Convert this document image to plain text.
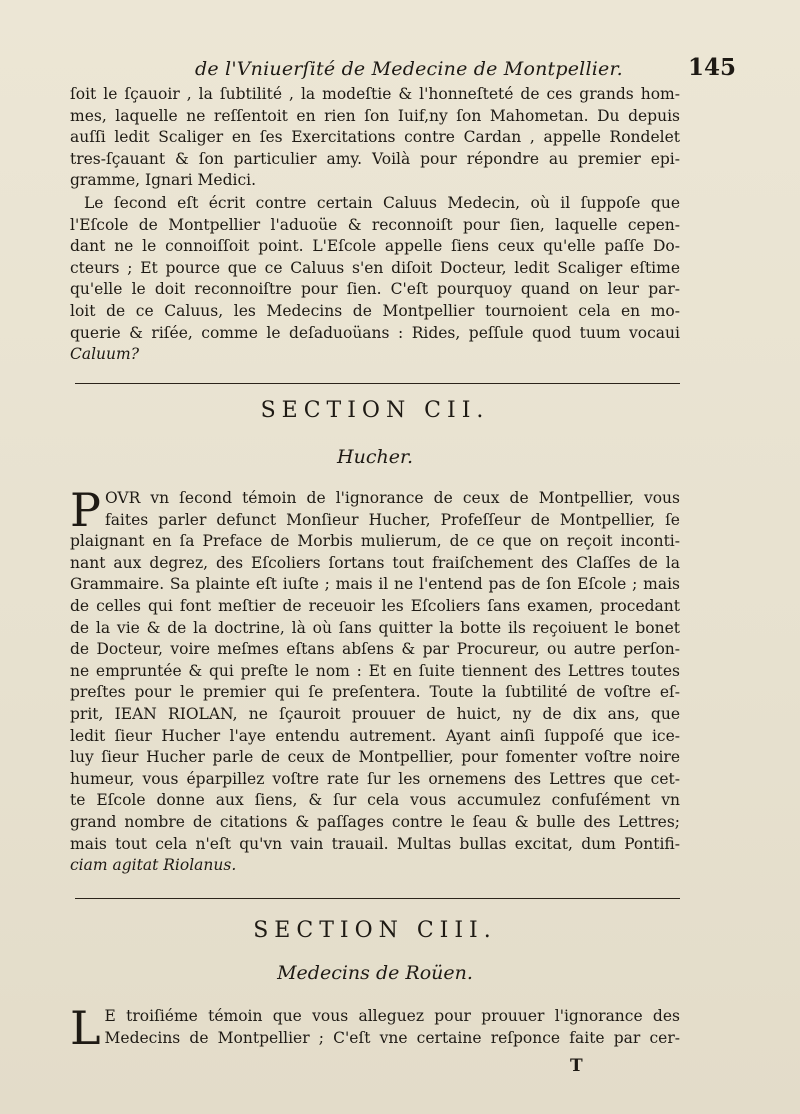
de l'Vniuerſité de Medecine de Montpellier.	145
ſoit le ſçauoir , la ſubtilité , la modeſtie & l'honneſteté de ces grands hom-
mes, laquelle ne reſſentoit en rien ſon Iuif,ny ſon Mahometan. Du depuis
auſſi ledit Scaliger en ſes Exercitations contre Cardan , appelle Rondelet
tres-ſçauant & ſon particulier amy. Voilà pour répondre au premier epi-
gramme, Ignari Medici.
Le ſecond eſt écrit contre certain Caluus Medecin, où il ſuppoſe que
l'Eſcole de Montpellier l'aduoüe & reconnoiſt pour ſien, laquelle cepen-
dant ne le connoiſſoit point. L'Eſcole appelle ſiens ceux qu'elle paſſe Do-
cteurs ; Et pource que ce Caluus s'en diſoit Docteur, ledit Scaliger eſtime
qu'elle le doit reconnoiſtre pour ſien. C'eſt pourquoy quand on leur par-
loit de ce Caluus, les Medecins de Montpellier tournoient cela en mo-
querie & riſée, comme le deſaduoüans : Rides, peſſule quod tuum vocaui
Caluum?
SECTION CII.
Hucher.
P OVR vn ſecond témoin de l'ignorance de ceux de Montpellier, vous
faites parler defunct Monſieur Hucher, Profeſſeur de Montpellier, ſe
plaignant en ſa Preface de Morbis mulierum, de ce que on reçoit inconti-
nant aux degrez, des Eſcoliers ſortans tout fraiſchement des Claſſes de la
Grammaire. Sa plainte eſt iuſte ; mais il ne l'entend pas de ſon Eſcole ; mais
de celles qui font meſtier de receuoir les Eſcoliers ſans examen, procedant
de la vie & de la doctrine, là où ſans quitter la botte ils reçoiuent le bonet
de Docteur, voire meſmes eſtans abſens & par Procureur, ou autre perſon-
ne empruntée & qui preſte le nom : Et en ſuite tiennent des Lettres toutes
preſtes pour le premier qui ſe preſentera. Toute la ſubtilité de voſtre eſ-
prit, IEAN RIOLAN, ne ſçauroit prouuer de huict, ny de dix ans, que
ledit ſieur Hucher l'aye entendu autrement. Ayant ainſi ſuppoſé que ice-
luy ſieur Hucher parle de ceux de Montpellier, pour fomenter voſtre noire
humeur, vous éparpillez voſtre rate ſur les ornemens des Lettres que cet-
te Eſcole donne aux ſiens, & ſur cela vous accumulez confuſément vn
grand nombre de citations & paſſages contre le ſeau & bulle des Lettres;
mais tout cela n'eſt qu'vn vain trauail. Multas bullas excitat, dum Pontifi-
ciam agitat Riolanus.
SECTION CIII.
Medecins de Roüen.
L E troiſiéme témoin que vous alleguez pour prouuer l'ignorance des
Medecins de Montpellier ; C'eſt vne certaine reſponce faite par cer-
T
